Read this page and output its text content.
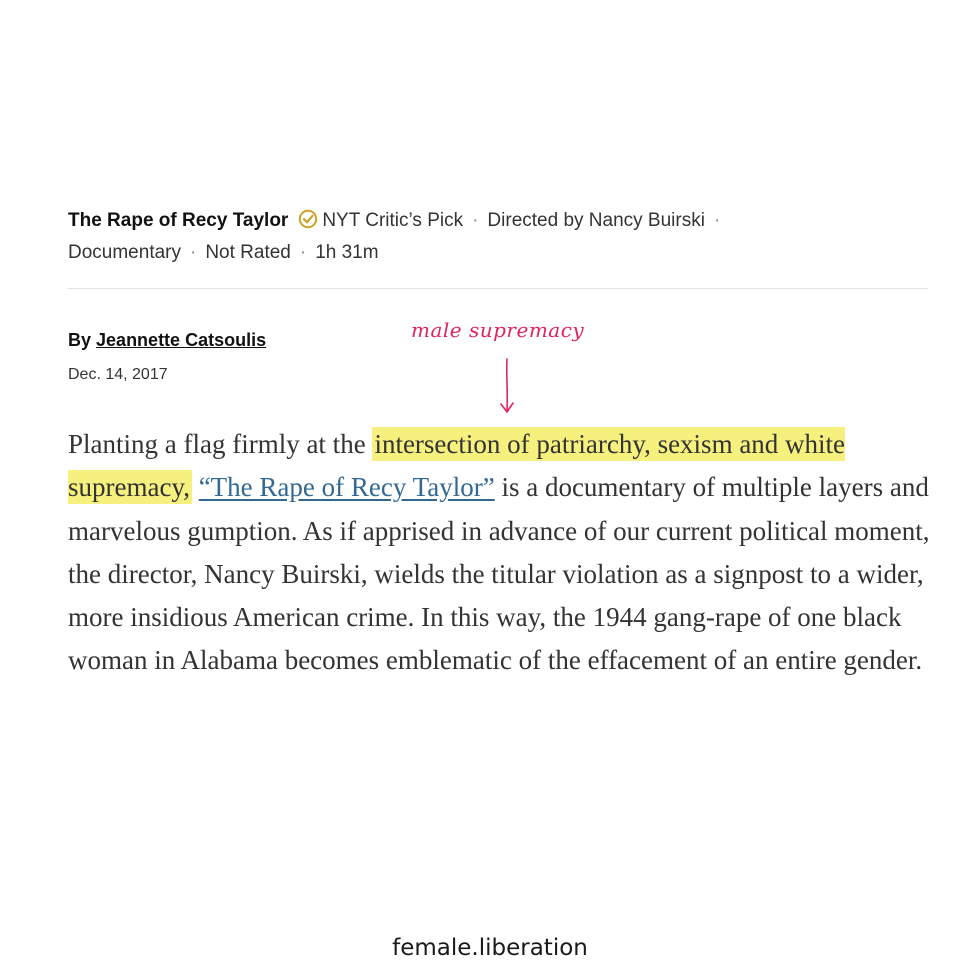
The Rape of Recy Taylor NYT Critic’s Pick · Directed by Nancy Buirski ·
Documentary · Not Rated · 1h 31m
By Jeannette Catsoulis
Dec. 14, 2017
male supremacy

Planting a flag firmly at the intersection of patriarchy, sexism and white supremacy, “The Rape of Recy Taylor” is a documentary of multiple layers and marvelous gumption. As if apprised in advance of our current political moment, the director, Nancy Buirski, wields the titular violation as a signpost to a wider, more insidious American crime. In this way, the 1944 gang-rape of one black woman in Alabama becomes emblematic of the effacement of an entire gender.

female.liberation
